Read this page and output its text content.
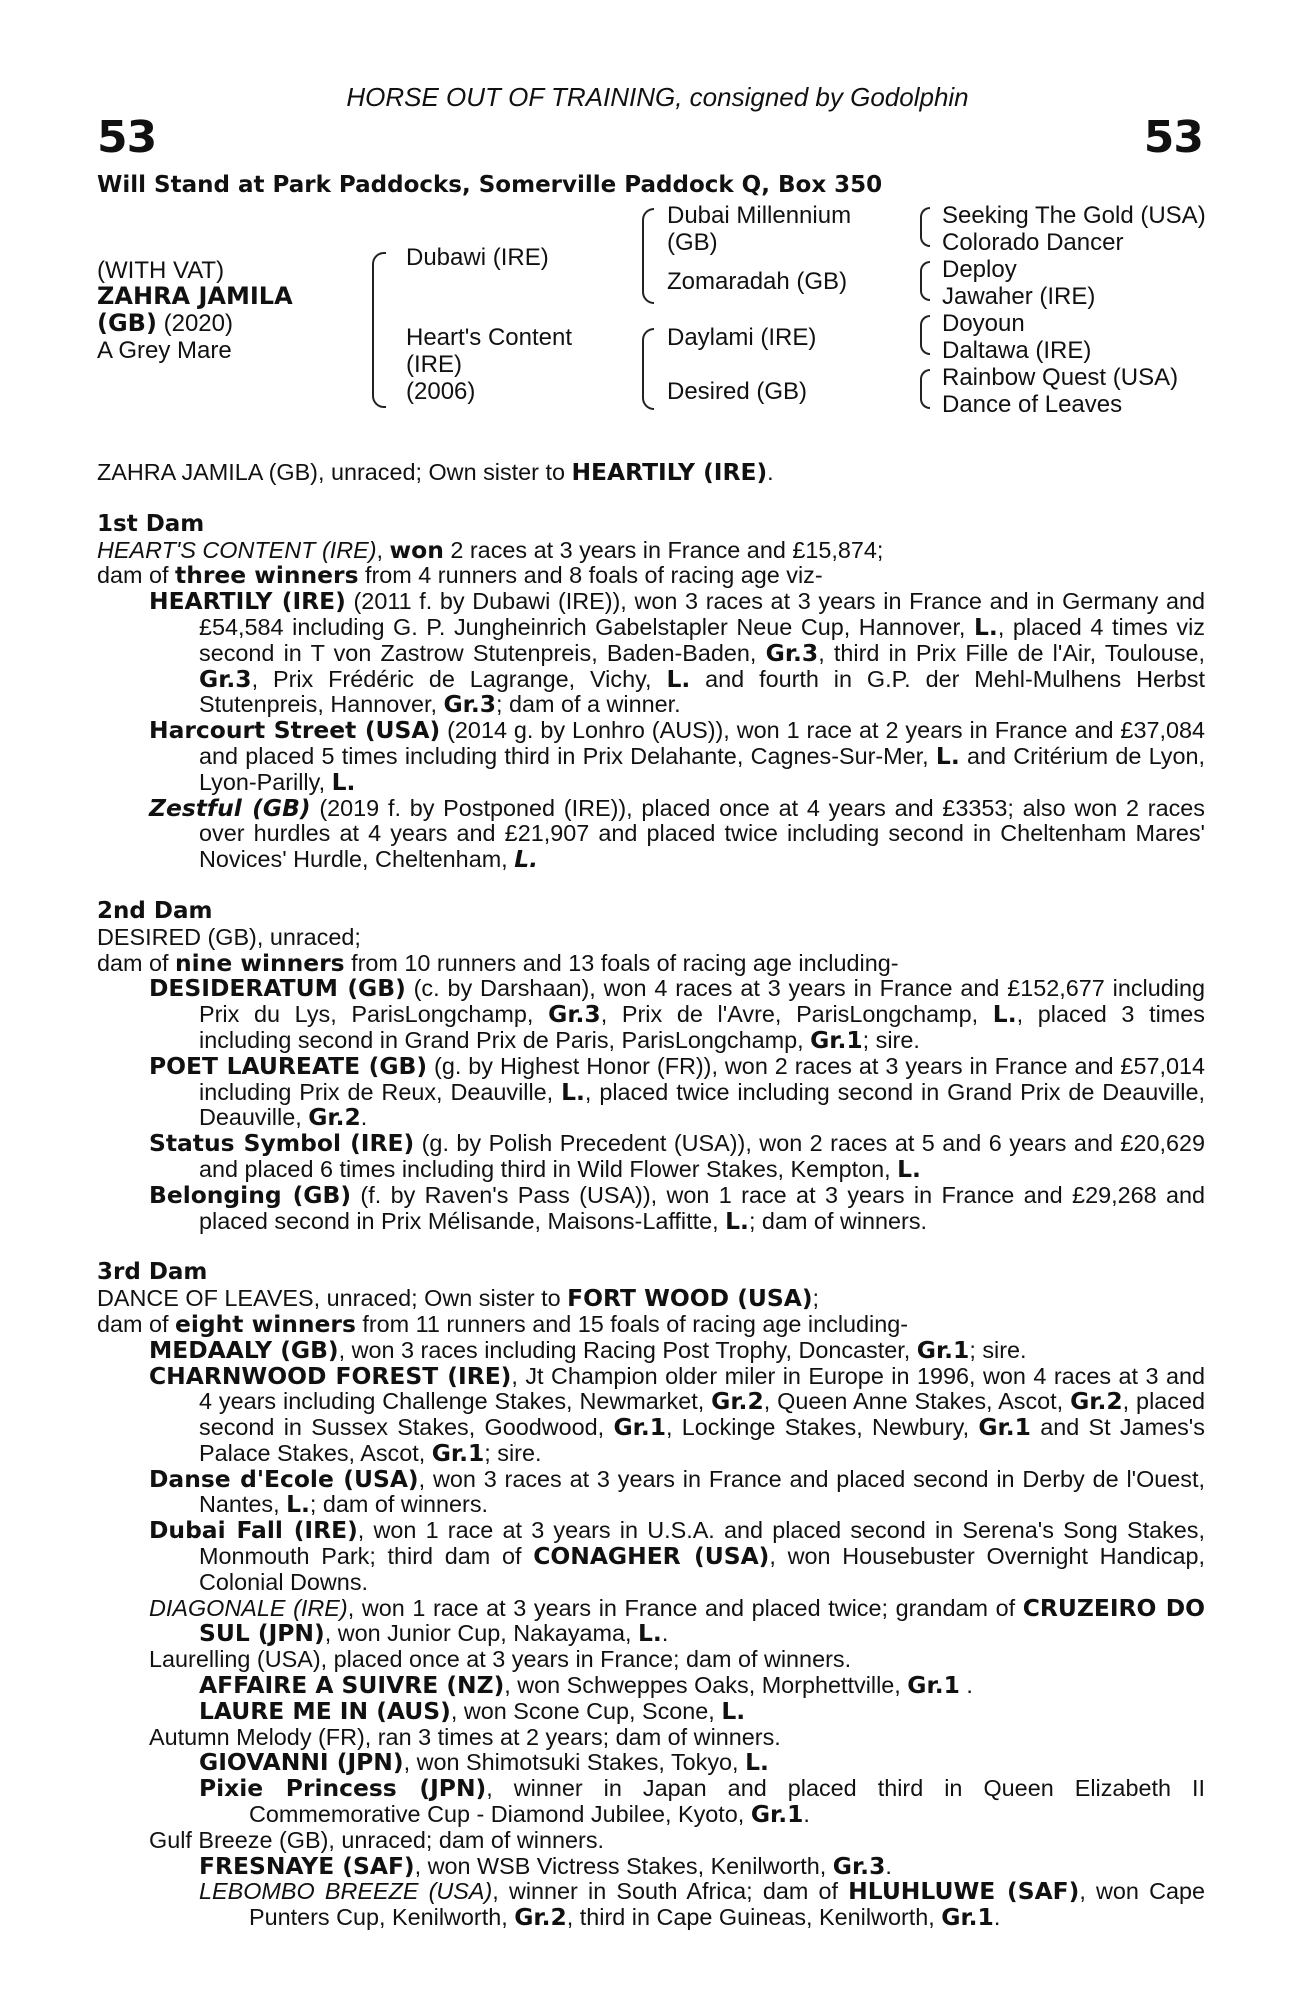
HORSE OUT OF TRAINING, consigned by Godolphin
53	53
Will Stand at Park Paddocks, Somerville Paddock Q, Box 350
(WITH VAT)
ZAHRA JAMILA
(GB) (2020)
A Grey Mare
Dubawi (IRE)
Heart's Content
(IRE)
(2006)
Dubai Millennium
(GB)
Zomaradah (GB)
Daylami (IRE)
Desired (GB)
Seeking The Gold (USA)
Colorado Dancer
Deploy
Jawaher (IRE)
Doyoun
Daltawa (IRE)
Rainbow Quest (USA)
Dance of Leaves

ZAHRA JAMILA (GB), unraced; Own sister to HEARTILY (IRE).

1st Dam

HEART'S CONTENT (IRE), won 2 races at 3 years in France and £15,874;

dam of three winners from 4 runners and 8 foals of racing age viz-

HEARTILY (IRE) (2011 f. by Dubawi (IRE)), won 3 races at 3 years in France and in Germany and £54,584 including G. P. Jungheinrich Gabelstapler Neue Cup, Hannover, L., placed 4 times viz second in T von Zastrow Stutenpreis, Baden-Baden, Gr.3, third in Prix Fille de l'Air, Toulouse, Gr.3, Prix Frédéric de Lagrange, Vichy, L. and fourth in G.P. der Mehl-Mulhens Herbst Stutenpreis, Hannover, Gr.3; dam of a winner.

Harcourt Street (USA) (2014 g. by Lonhro (AUS)), won 1 race at 2 years in France and £37,084 and placed 5 times including third in Prix Delahante, Cagnes-Sur-Mer, L. and Critérium de Lyon, Lyon-Parilly, L.

Zestful (GB) (2019 f. by Postponed (IRE)), placed once at 4 years and £3353; also won 2 races over hurdles at 4 years and £21,907 and placed twice including second in Cheltenham Mares' Novices' Hurdle, Cheltenham, L.

2nd Dam

DESIRED (GB), unraced;

dam of nine winners from 10 runners and 13 foals of racing age including-

DESIDERATUM (GB) (c. by Darshaan), won 4 races at 3 years in France and £152,677 including Prix du Lys, ParisLongchamp, Gr.3, Prix de l'Avre, ParisLongchamp, L., placed 3 times including second in Grand Prix de Paris, ParisLongchamp, Gr.1; sire.

POET LAUREATE (GB) (g. by Highest Honor (FR)), won 2 races at 3 years in France and £57,014 including Prix de Reux, Deauville, L., placed twice including second in Grand Prix de Deauville, Deauville, Gr.2.

Status Symbol (IRE) (g. by Polish Precedent (USA)), won 2 races at 5 and 6 years and £20,629 and placed 6 times including third in Wild Flower Stakes, Kempton, L.

Belonging (GB) (f. by Raven's Pass (USA)), won 1 race at 3 years in France and £29,268 and placed second in Prix Mélisande, Maisons-Laffitte, L.; dam of winners.

3rd Dam

DANCE OF LEAVES, unraced; Own sister to FORT WOOD (USA);

dam of eight winners from 11 runners and 15 foals of racing age including-

MEDAALY (GB), won 3 races including Racing Post Trophy, Doncaster, Gr.1; sire.

CHARNWOOD FOREST (IRE), Jt Champion older miler in Europe in 1996, won 4 races at 3 and 4 years including Challenge Stakes, Newmarket, Gr.2, Queen Anne Stakes, Ascot, Gr.2, placed second in Sussex Stakes, Goodwood, Gr.1, Lockinge Stakes, Newbury, Gr.1 and St James's Palace Stakes, Ascot, Gr.1; sire.

Danse d'Ecole (USA), won 3 races at 3 years in France and placed second in Derby de l'Ouest, Nantes, L.; dam of winners.

Dubai Fall (IRE), won 1 race at 3 years in U.S.A. and placed second in Serena's Song Stakes, Monmouth Park; third dam of CONAGHER (USA), won Housebuster Overnight Handicap, Colonial Downs.

DIAGONALE (IRE), won 1 race at 3 years in France and placed twice; grandam of CRUZEIRO DO SUL (JPN), won Junior Cup, Nakayama, L..

Laurelling (USA), placed once at 3 years in France; dam of winners.

AFFAIRE A SUIVRE (NZ), won Schweppes Oaks, Morphettville, Gr.1 .

LAURE ME IN (AUS), won Scone Cup, Scone, L.

Autumn Melody (FR), ran 3 times at 2 years; dam of winners.

GIOVANNI (JPN), won Shimotsuki Stakes, Tokyo, L.

Pixie Princess (JPN), winner in Japan and placed third in Queen Elizabeth II Commemorative Cup - Diamond Jubilee, Kyoto, Gr.1.

Gulf Breeze (GB), unraced; dam of winners.

FRESNAYE (SAF), won WSB Victress Stakes, Kenilworth, Gr.3.

LEBOMBO BREEZE (USA), winner in South Africa; dam of HLUHLUWE (SAF), won Cape Punters Cup, Kenilworth, Gr.2, third in Cape Guineas, Kenilworth, Gr.1.
